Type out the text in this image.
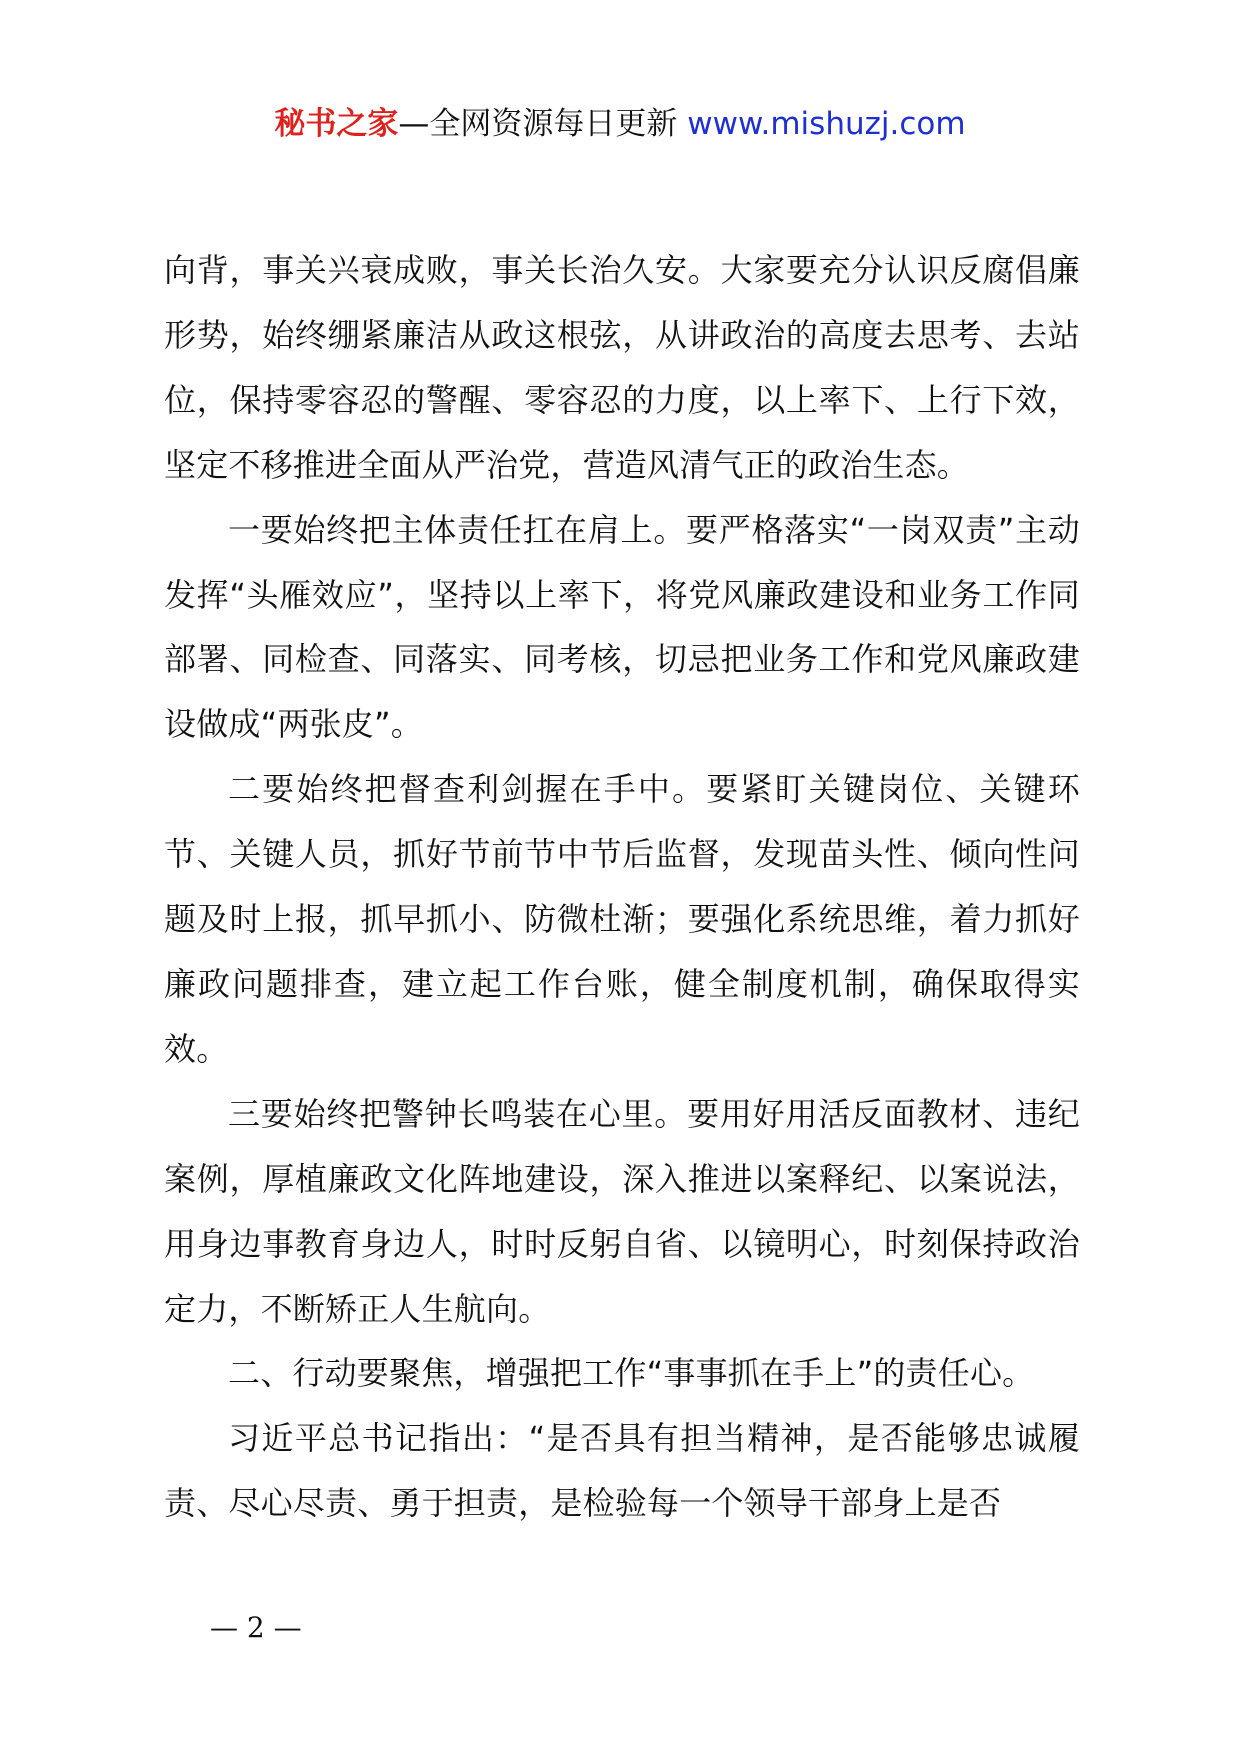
秘书之家—全网资源每日更新 www.mishuzj.com

向背，事关兴衰成败，事关长治久安。大家要充分认识反腐倡廉形势，始终绷紧廉洁从政这根弦，从讲政治的高度去思考、去站位，保持零容忍的警醒、零容忍的力度，以上率下、上行下效，坚定不移推进全面从严治党，营造风清气正的政治生态。

一要始终把主体责任扛在肩上。要严格落实“一岗双责”主动发挥“头雁效应”，坚持以上率下，将党风廉政建设和业务工作同部署、同检查、同落实、同考核，切忌把业务工作和党风廉政建设做成“两张皮”。

二要始终把督查利剑握在手中。要紧盯关键岗位、关键环节、关键人员，抓好节前节中节后监督，发现苗头性、倾向性问题及时上报，抓早抓小、防微杜渐；要强化系统思维，着力抓好廉政问题排查，建立起工作台账，健全制度机制，确保取得实效。

三要始终把警钟长鸣装在心里。要用好用活反面教材、违纪案例，厚植廉政文化阵地建设，深入推进以案释纪、以案说法，用身边事教育身边人，时时反躬自省、以镜明心，时刻保持政治定力，不断矫正人生航向。

二、行动要聚焦，增强把工作“事事抓在手上”的责任心。

习近平总书记指出：“是否具有担当精神，是否能够忠诚履责、尽心尽责、勇于担责，是检验每一个领导干部身上是否

— 2 —
